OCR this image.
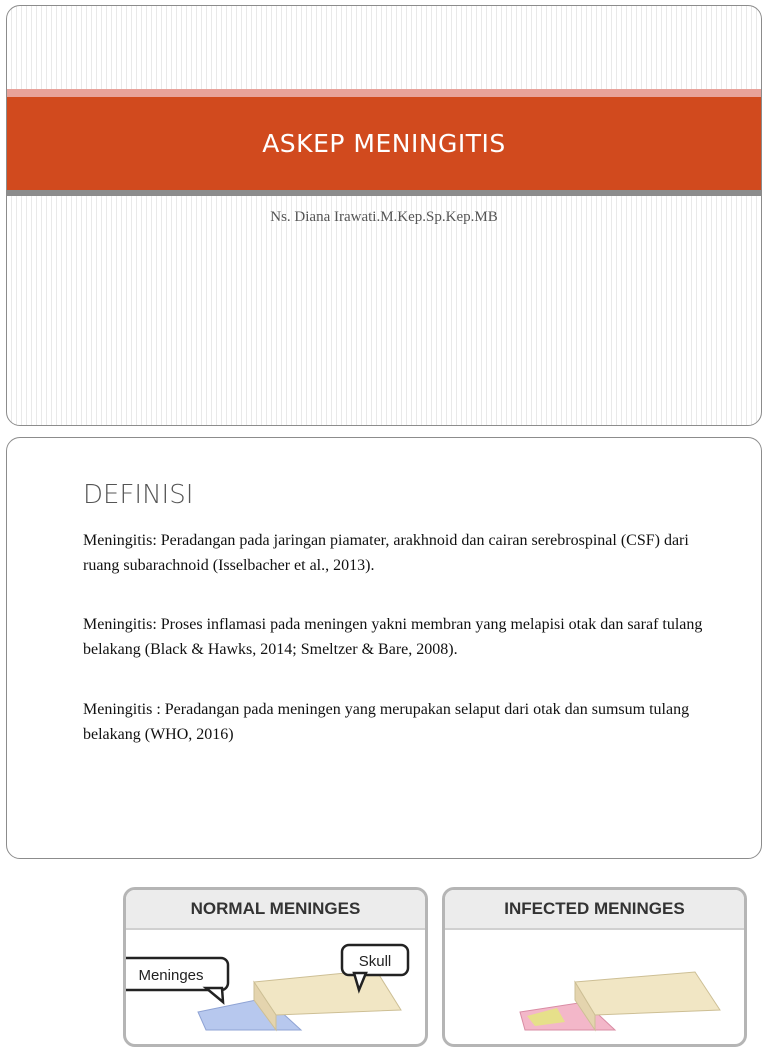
ASKEP MENINGITIS
Ns. Diana Irawati.M.Kep.Sp.Kep.MB
DEFINISI
Meningitis: Peradangan pada jaringan piamater, arakhnoid dan cairan serebrospinal (CSF) dari ruang subarachnoid (Isselbacher et al., 2013).
Meningitis: Proses inflamasi pada meningen yakni membran yang melapisi otak dan saraf tulang belakang (Black & Hawks, 2014; Smeltzer & Bare, 2008).
Meningitis : Peradangan pada meningen yang merupakan selaput dari otak dan sumsum tulang belakang (WHO, 2016)
NORMAL MENINGES
Meninges
Skull
INFECTED MENINGES
